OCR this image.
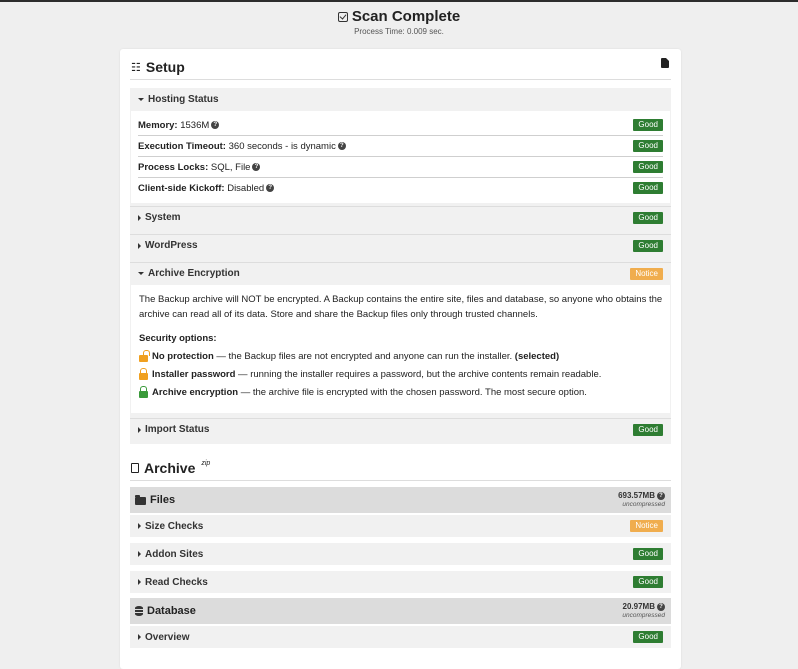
Scan Complete
Process Time: 0.009 sec.
☷ Setup
Hosting Status
Memory: 1536M ?	Good
Execution Timeout: 360 seconds - is dynamic ?	Good
Process Locks: SQL, File ?	Good
Client-side Kickoff: Disabled ?	Good
System	Good
WordPress	Good
Archive Encryption	Notice
The Backup archive will NOT be encrypted. A Backup contains the entire site, files and database, so anyone who obtains the archive can read all of its data. Store and share the Backup files only through trusted channels.
Security options:
No protection — the Backup files are not encrypted and anyone can run the installer. (selected)
Installer password — running the installer requires a password, but the archive contents remain readable.
Archive encryption — the archive file is encrypted with the chosen password. The most secure option.
Import Status	Good
Archive $^{zip}$
Files	693.57MB ?
uncompressed
Size Checks	Notice
Addon Sites	Good
Read Checks	Good
Database	20.97MB ?
uncompressed
Overview	Good
